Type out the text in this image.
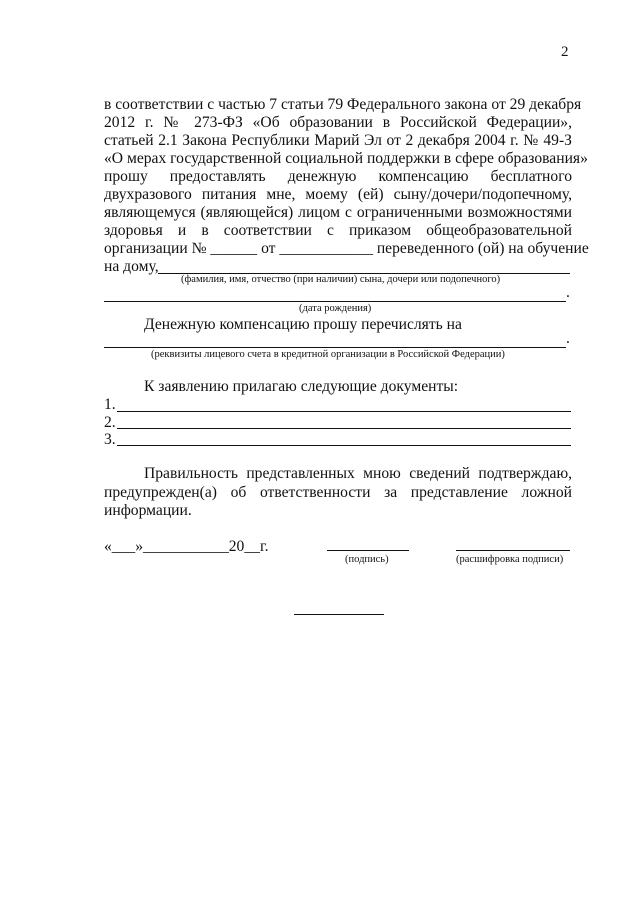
2
в соответствии с частью 7 статьи 79 Федерального закона от 29 декабря
2012 г. № 273-ФЗ «Об образовании в Российской Федерации»,
статьей 2.1 Закона Республики Марий Эл от 2 декабря 2004 г. № 49-З
«О мерах государственной социальной поддержки в сфере образования»
прошу предоставлять денежную компенсацию бесплатного
двухразового питания мне, моему (ей) сыну/дочери/подопечному,
являющемуся (являющейся) лицом с ограниченными возможностями
здоровья и в соответствии с приказом общеобразовательной
организации № ______ от ____________ переведенного (ой) на обучение
на дому,
(фамилия, имя, отчество (при наличии) сына, дочери или подопечного)
.
(дата рождения)
Денежную компенсацию прошу перечислять на
.
(реквизиты лицевого счета в кредитной организации в Российской Федерации)
К заявлению прилагаю следующие документы:
1.
2.
3.
Правильность представленных мною сведений подтверждаю,
предупрежден(а) об ответственности за представление ложной
информации.
«___»___________20__г.
(подпись)	(расшифровка подписи)
